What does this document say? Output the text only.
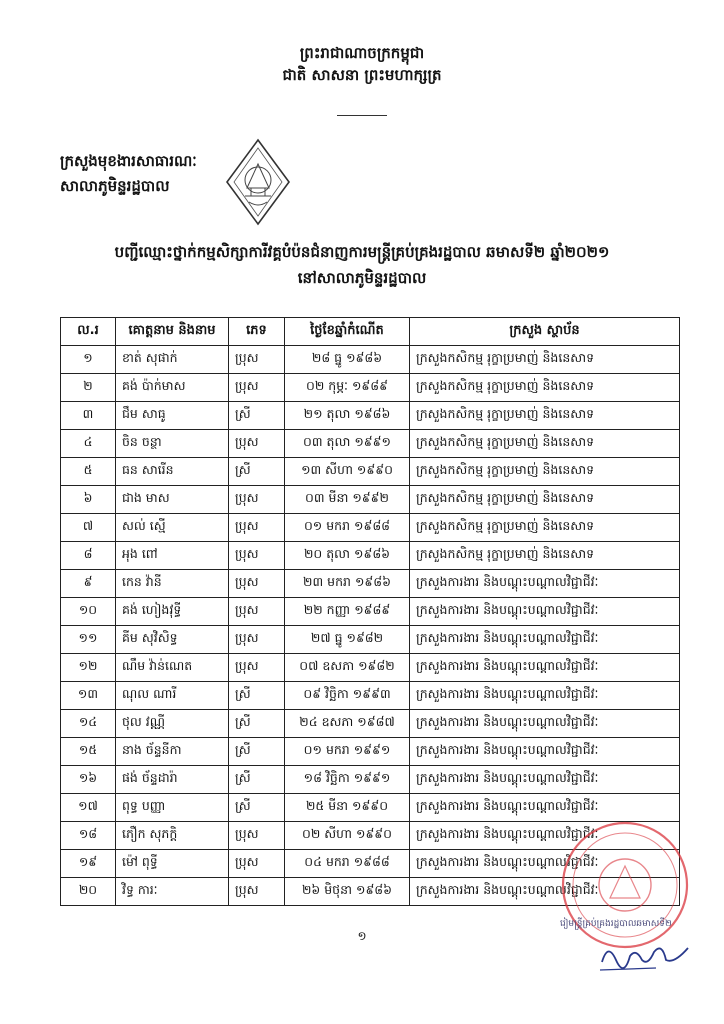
ព្រះរាជាណាចក្រកម្ពុជា
ជាតិ សាសនា ព្រះមហាក្សត្រ
ក្រសួងមុខងារសាធារណៈ
សាលាភូមិន្ទរដ្ឋបាល
បញ្ជីឈ្មោះថ្នាក់កម្មសិក្សាការីវគ្គបំប៉នជំនាញការមន្ត្រីគ្រប់គ្រងរដ្ឋបាល ឆមាសទី២ ឆ្នាំ២០២១
នៅសាលាភូមិន្ទរដ្ឋបាល
ល.រ	គោត្តនាម និងនាម	ភេទ	ថ្ងៃខែឆ្នាំកំណើត	ក្រសួង ស្ថាប័ន
១	ខាត់ សុផាក់	ប្រុស	២៨ ធ្នូ ១៩៨៦	ក្រសួងកសិកម្ម រុក្ខាប្រមាញ់ និងនេសាទ
២	គង់ ប៉ាក់មាស	ប្រុស	០២ កុម្ភៈ ១៩៨៩	ក្រសួងកសិកម្ម រុក្ខាប្រមាញ់ និងនេសាទ
៣	ជឹម សាធូ	ស្រី	២១ តុលា ១៩៨៦	ក្រសួងកសិកម្ម រុក្ខាប្រមាញ់ និងនេសាទ
៤	ចិន ចន្ថា	ប្រុស	០៣ តុលា ១៩៩១	ក្រសួងកសិកម្ម រុក្ខាប្រមាញ់ និងនេសាទ
៥	ធន សារើន	ស្រី	១៣ សីហា ១៩៩០	ក្រសួងកសិកម្ម រុក្ខាប្រមាញ់ និងនេសាទ
៦	ជាង មាស	ប្រុស	០៣ មីនា ១៩៩២	ក្រសួងកសិកម្ម រុក្ខាប្រមាញ់ និងនេសាទ
៧	សល់ ស្មើ	ប្រុស	០១ មករា ១៩៨៨	ក្រសួងកសិកម្ម រុក្ខាប្រមាញ់ និងនេសាទ
៨	អុង ពៅ	ប្រុស	២០ តុលា ១៩៨៦	ក្រសួងកសិកម្ម រុក្ខាប្រមាញ់ និងនេសាទ
៩	កេន វ៉ានី	ប្រុស	២៣ មករា ១៩៨៦	ក្រសួងការងារ និងបណ្តុះបណ្តាលវិជ្ជាជីវៈ
១០	គង់ ហៀងវុទ្ធី	ប្រុស	២២ កញ្ញា ១៩៨៩	ក្រសួងការងារ និងបណ្តុះបណ្តាលវិជ្ជាជីវៈ
១១	គីម សុវិសិទ្ធ	ប្រុស	២៧ ធ្នូ ១៩៨២	ក្រសួងការងារ និងបណ្តុះបណ្តាលវិជ្ជាជីវៈ
១២	ណឹម វ៉ាន់ណេត	ប្រុស	០៧ ឧសភា ១៩៨២	ក្រសួងការងារ និងបណ្តុះបណ្តាលវិជ្ជាជីវៈ
១៣	ណុល ណារី	ស្រី	០៩ វិច្ឆិកា ១៩៩៣	ក្រសួងការងារ និងបណ្តុះបណ្តាលវិជ្ជាជីវៈ
១៤	ថុល វណ្ណី	ស្រី	២៤ ឧសភា ១៩៨៧	ក្រសួងការងារ និងបណ្តុះបណ្តាលវិជ្ជាជីវៈ
១៥	នាង ច័ន្ទនីកា	ស្រី	០១ មករា ១៩៩១	ក្រសួងការងារ និងបណ្តុះបណ្តាលវិជ្ជាជីវៈ
១៦	ផង់ ច័ន្ទដារ៉ា	ស្រី	១៨ វិច្ឆិកា ១៩៩១	ក្រសួងការងារ និងបណ្តុះបណ្តាលវិជ្ជាជីវៈ
១៧	ពុទ្ធ បញ្ញា	ស្រី	២៥ មីនា ១៩៩០	ក្រសួងការងារ និងបណ្តុះបណ្តាលវិជ្ជាជីវៈ
១៨	ភឿក សុភក្តិ	ប្រុស	០២ សីហា ១៩៩០	ក្រសួងការងារ និងបណ្តុះបណ្តាលវិជ្ជាជីវៈ
១៩	ម៉ៅ ពុទ្ធី	ប្រុស	០៤ មករា ១៩៨៨	ក្រសួងការងារ និងបណ្តុះបណ្តាលវិជ្ជាជីវៈ
២០	វិទ្ធ ការៈ	ប្រុស	២៦ មិថុនា ១៩៨៦	ក្រសួងការងារ និងបណ្តុះបណ្តាលវិជ្ជាជីវៈ
រៀមន្ត្រីគ្រប់គ្រងរដ្ឋបាលឆមាសទី២
១
